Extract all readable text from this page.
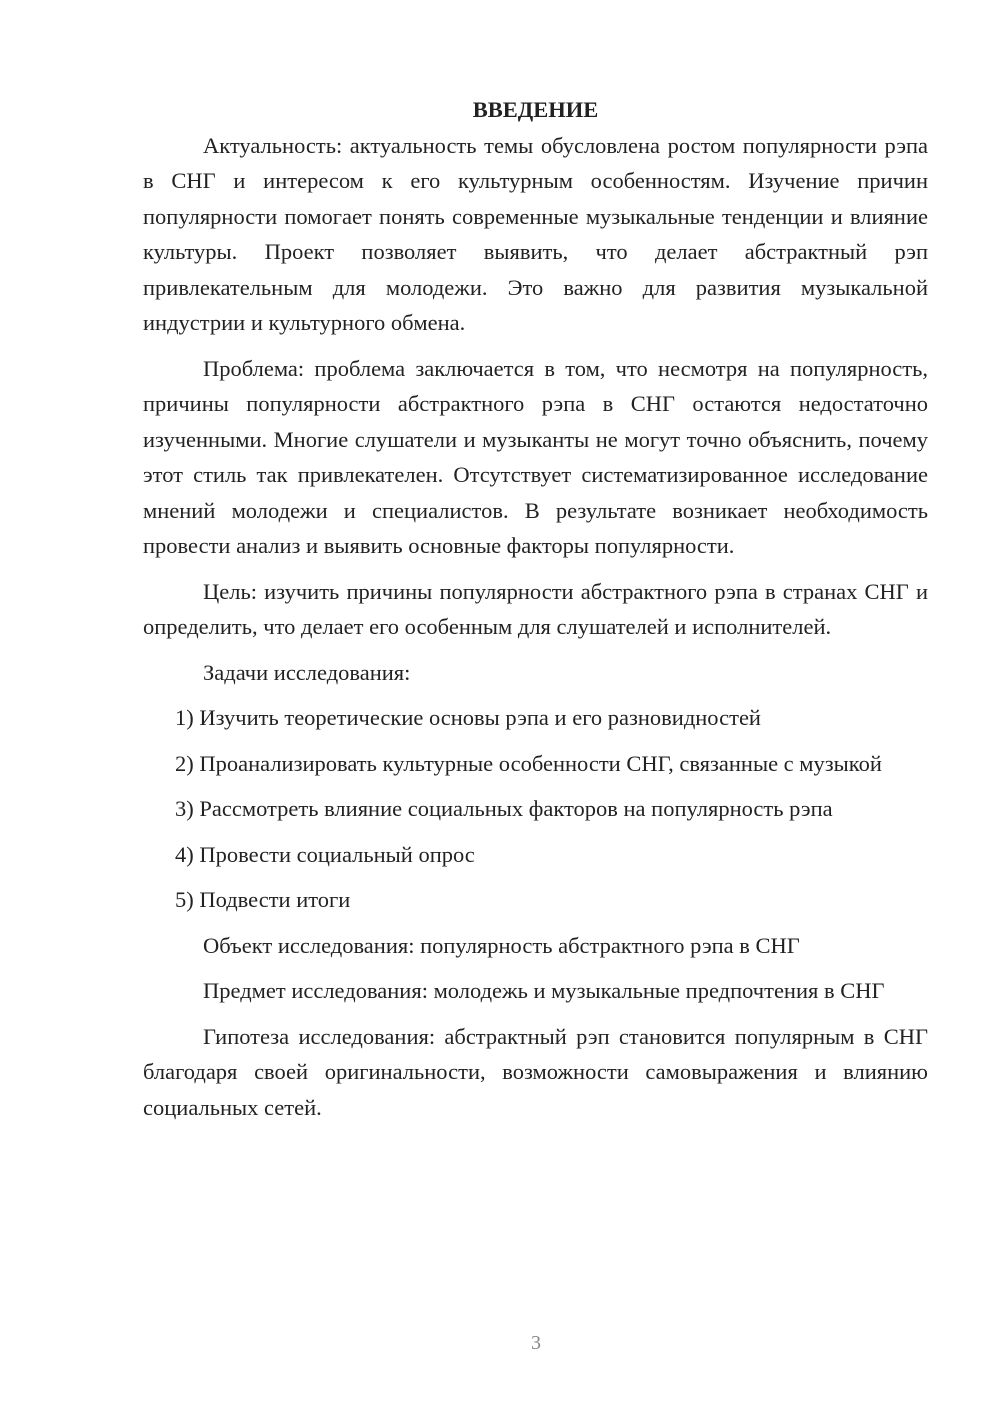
ВВЕДЕНИЕ

Актуальность: актуальность темы обусловлена ростом популярности рэпа в СНГ и интересом к его культурным особенностям. Изучение причин популярности помогает понять современные музыкальные тенденции и влияние культуры. Проект позволяет выявить, что делает абстрактный рэп привлекательным для молодежи. Это важно для развития музыкальной индустрии и культурного обмена.

Проблема: проблема заключается в том, что несмотря на популярность, причины популярности абстрактного рэпа в СНГ остаются недостаточно изученными. Многие слушатели и музыканты не могут точно объяснить, почему этот стиль так привлекателен. Отсутствует систематизированное исследование мнений молодежи и специалистов. В результате возникает необходимость провести анализ и выявить основные факторы популярности.

Цель: изучить причины популярности абстрактного рэпа в странах СНГ и определить, что делает его особенным для слушателей и исполнителей.

Задачи исследования:

1) Изучить теоретические основы рэпа и его разновидностей

2) Проанализировать культурные особенности СНГ, связанные с музыкой

3) Рассмотреть влияние социальных факторов на популярность рэпа

4) Провести социальный опрос

5) Подвести итоги

Объект исследования: популярность абстрактного рэпа в СНГ

Предмет исследования: молодежь и музыкальные предпочтения в СНГ

Гипотеза исследования: абстрактный рэп становится популярным в СНГ благодаря своей оригинальности, возможности самовыражения и влиянию социальных сетей.

3
